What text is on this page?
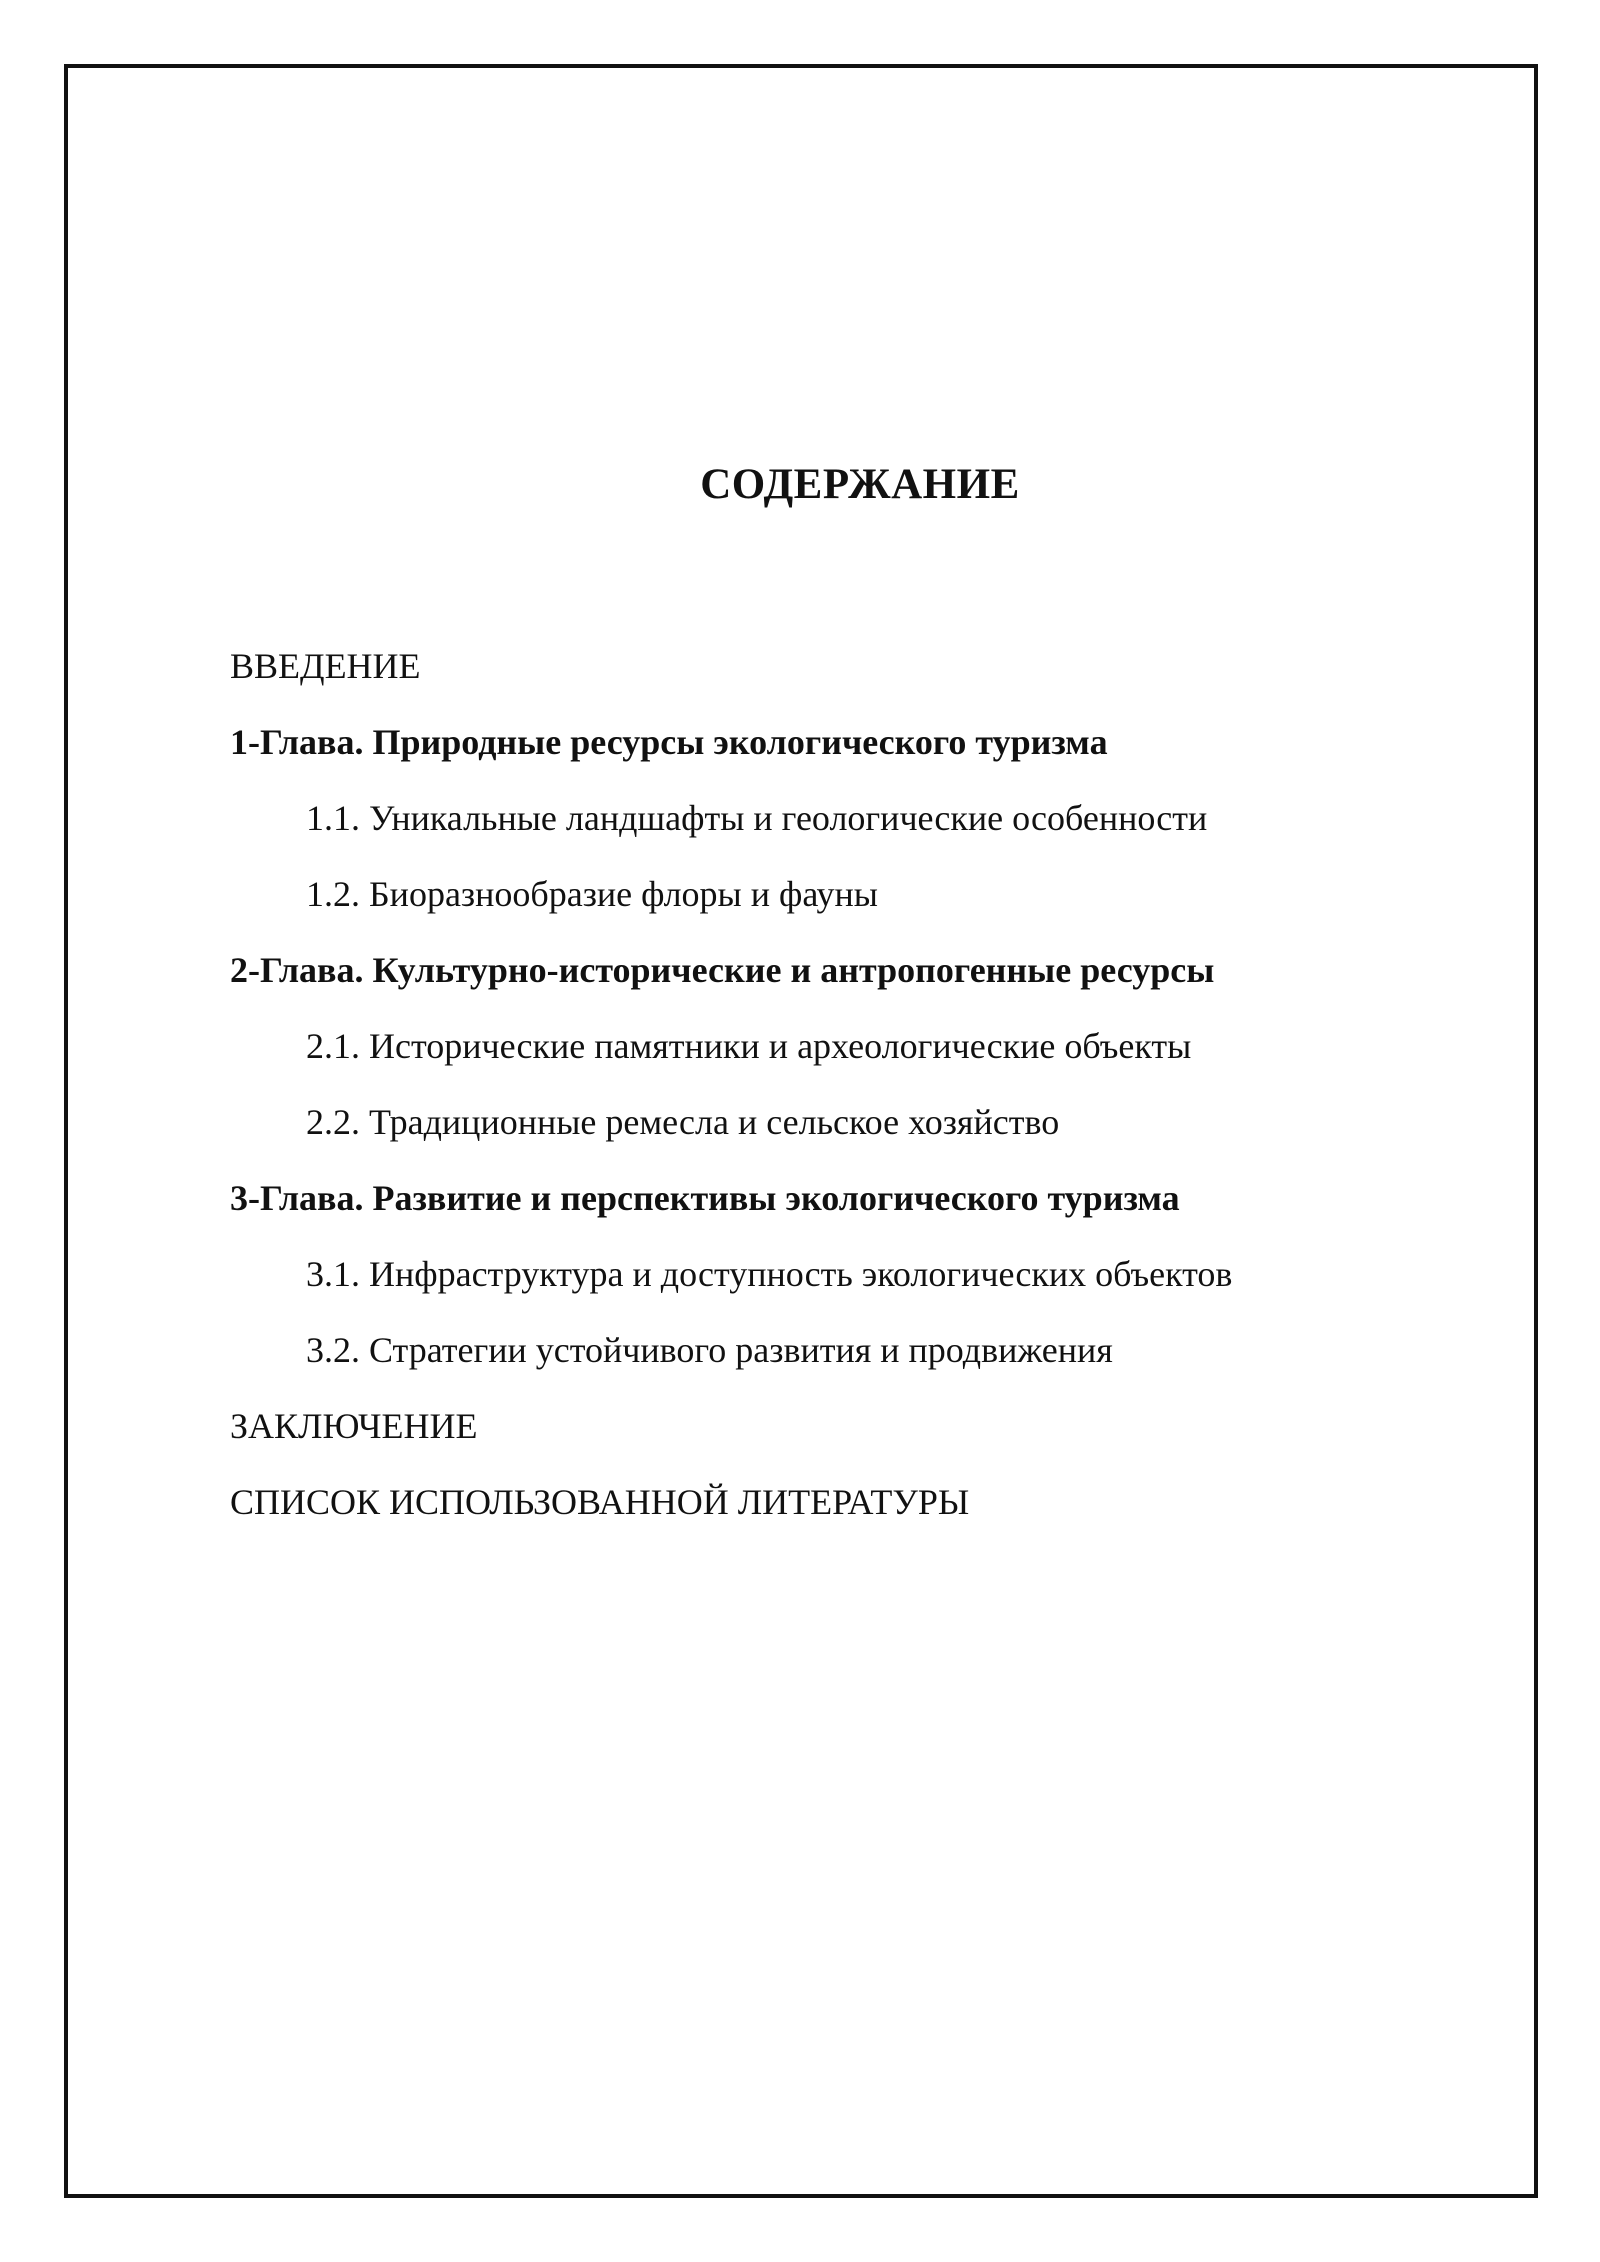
СОДЕРЖАНИЕ
ВВЕДЕНИЕ
1-Глава. Природные ресурсы экологического туризма
1.1. Уникальные ландшафты и геологические особенности
1.2. Биоразнообразие флоры и фауны
2-Глава. Культурно-исторические и антропогенные ресурсы
2.1. Исторические памятники и археологические объекты
2.2. Традиционные ремесла и сельское хозяйство
3-Глава. Развитие и перспективы экологического туризма
3.1. Инфраструктура и доступность экологических объектов
3.2. Стратегии устойчивого развития и продвижения
ЗАКЛЮЧЕНИЕ
СПИСОК ИСПОЛЬЗОВАННОЙ ЛИТЕРАТУРЫ
